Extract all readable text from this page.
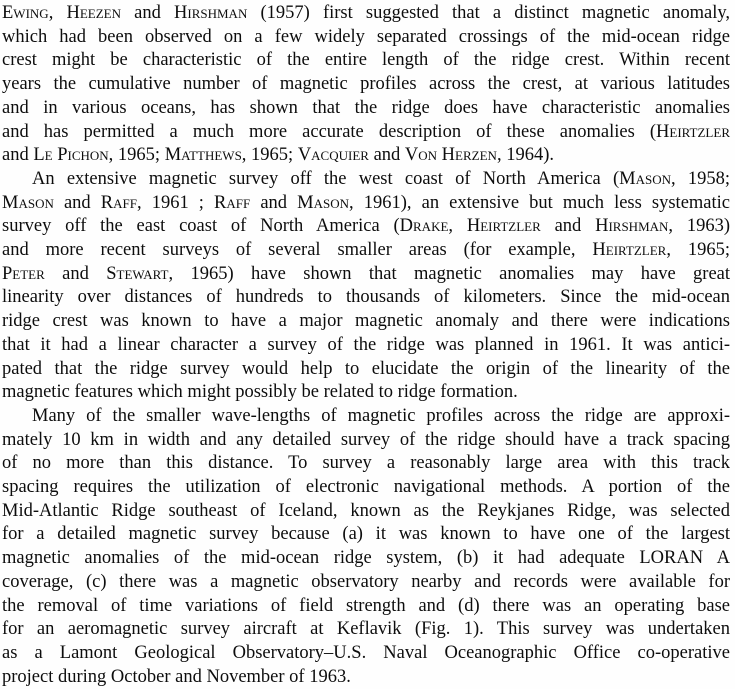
Ewing, Heezen and Hirshman (1957) first suggested that a distinct magnetic anomaly,
which had been observed on a few widely separated crossings of the mid-ocean ridge
crest might be characteristic of the entire length of the ridge crest. Within recent
years the cumulative number of magnetic profiles across the crest, at various latitudes
and in various oceans, has shown that the ridge does have characteristic anomalies
and has permitted a much more accurate description of these anomalies (Heirtzler
and Le Pichon, 1965; Matthews, 1965; Vacquier and Von Herzen, 1964).
An extensive magnetic survey off the west coast of North America (Mason, 1958;
Mason and Raff, 1961 ; Raff and Mason, 1961), an extensive but much less systematic
survey off the east coast of North America (Drake, Heirtzler and Hirshman, 1963)
and more recent surveys of several smaller areas (for example, Heirtzler, 1965;
Peter and Stewart, 1965) have shown that magnetic anomalies may have great
linearity over distances of hundreds to thousands of kilometers. Since the mid-ocean
ridge crest was known to have a major magnetic anomaly and there were indications
that it had a linear character a survey of the ridge was planned in 1961. It was antici-
pated that the ridge survey would help to elucidate the origin of the linearity of the
magnetic features which might possibly be related to ridge formation.
Many of the smaller wave-lengths of magnetic profiles across the ridge are approxi-
mately 10 km in width and any detailed survey of the ridge should have a track spacing
of no more than this distance. To survey a reasonably large area with this track
spacing requires the utilization of electronic navigational methods. A portion of the
Mid-Atlantic Ridge southeast of Iceland, known as the Reykjanes Ridge, was selected
for a detailed magnetic survey because (a) it was known to have one of the largest
magnetic anomalies of the mid-ocean ridge system, (b) it had adequate LORAN A
coverage, (c) there was a magnetic observatory nearby and records were available for
the removal of time variations of field strength and (d) there was an operating base
for an aeromagnetic survey aircraft at Keflavik (Fig. 1). This survey was undertaken
as a Lamont Geological Observatory–U.S. Naval Oceanographic Office co-operative
project during October and November of 1963.
